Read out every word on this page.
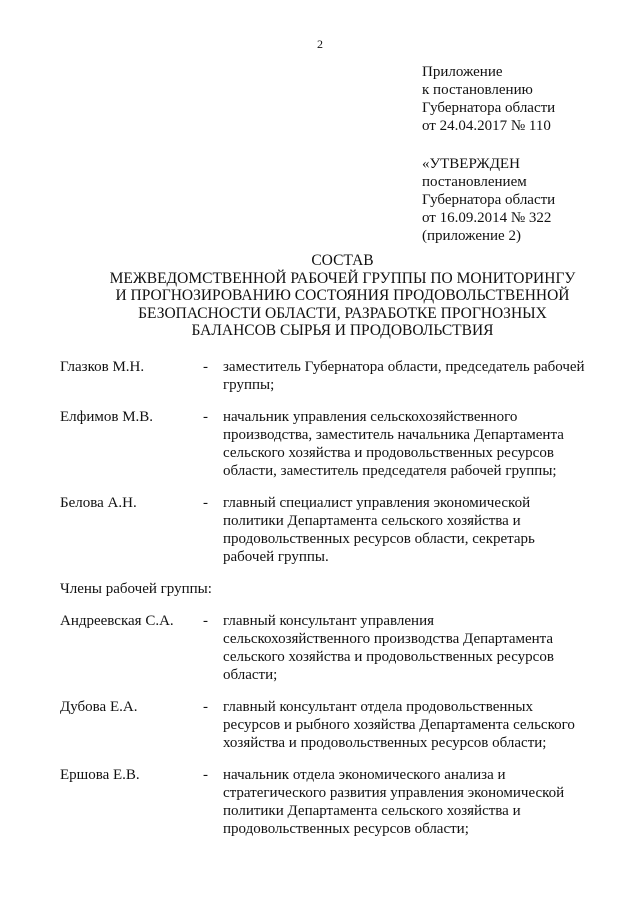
2
Приложение
к постановлению
Губернатора области
от 24.04.2017 № 110
«УТВЕРЖДЕН
постановлением
Губернатора области
от 16.09.2014 № 322
(приложение 2)
СОСТАВ
МЕЖВЕДОМСТВЕННОЙ РАБОЧЕЙ ГРУППЫ ПО МОНИТОРИНГУ
И ПРОГНОЗИРОВАНИЮ СОСТОЯНИЯ ПРОДОВОЛЬСТВЕННОЙ
БЕЗОПАСНОСТИ ОБЛАСТИ, РАЗРАБОТКЕ ПРОГНОЗНЫХ
БАЛАНСОВ СЫРЬЯ И ПРОДОВОЛЬСТВИЯ
Глазков М.Н.	- заместитель Губернатора области, председатель рабочей
группы;
Елфимов М.В.	- начальник управления сельскохозяйственного
производства, заместитель начальника Департамента
сельского хозяйства и продовольственных ресурсов
области, заместитель председателя рабочей группы;
Белова А.Н.	- главный специалист управления экономической
политики Департамента сельского хозяйства и
продовольственных ресурсов области, секретарь
рабочей группы.
Члены рабочей группы:
Андреевская С.А. - главный консультант управления
сельскохозяйственного производства Департамента
сельского хозяйства и продовольственных ресурсов
области;
Дубова Е.А.	- главный консультант отдела продовольственных
ресурсов и рыбного хозяйства Департамента сельского
хозяйства и продовольственных ресурсов области;
Ершова Е.В.	- начальник отдела экономического анализа и
стратегического развития управления экономической
политики Департамента сельского хозяйства и
продовольственных ресурсов области;
